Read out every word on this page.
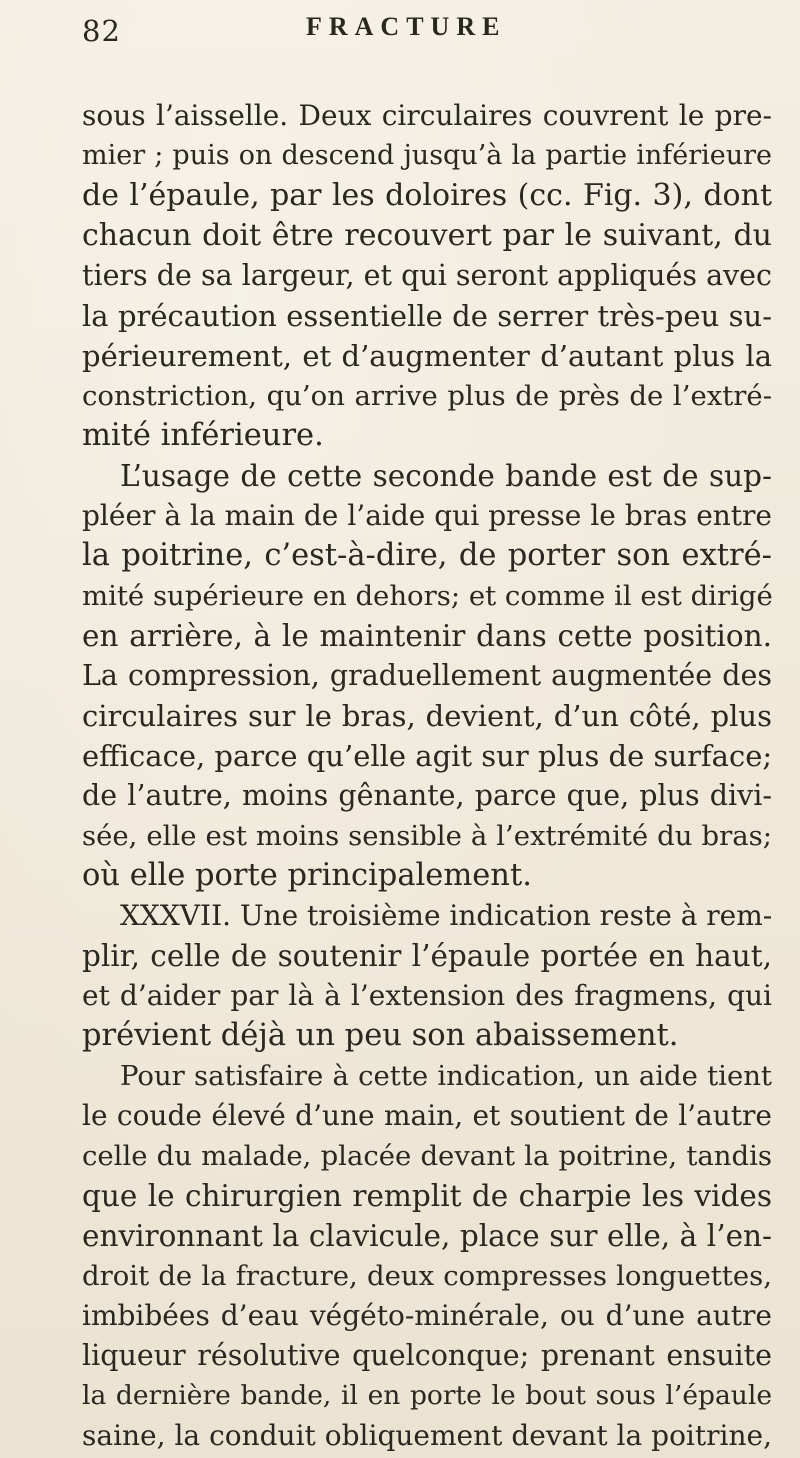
82	FRACTURE
sous l’aisselle. Deux circulaires couvrent le pre-
mier ; puis on descend jusqu’à la partie inférieure
de l’épaule, par les doloires (cc. Fig. 3), dont
chacun doit être recouvert par le suivant, du
tiers de sa largeur, et qui seront appliqués avec
la précaution essentielle de serrer très-peu su-
périeurement, et d’augmenter d’autant plus la
constriction, qu’on arrive plus de près de l’extré-
mité inférieure.
L’usage de cette seconde bande est de sup-
pléer à la main de l’aide qui presse le bras entre
la poitrine, c’est-à-dire, de porter son extré-
mité supérieure en dehors; et comme il est dirigé
en arrière, à le maintenir dans cette position.
La compression, graduellement augmentée des
circulaires sur le bras, devient, d’un côté, plus
efficace, parce qu’elle agit sur plus de surface;
de l’autre, moins gênante, parce que, plus divi-
sée, elle est moins sensible à l’extrémité du bras;
où elle porte principalement.
XXXVII. Une troisième indication reste à rem-
plir, celle de soutenir l’épaule portée en haut,
et d’aider par là à l’extension des fragmens, qui
prévient déjà un peu son abaissement.
Pour satisfaire à cette indication, un aide tient
le coude élevé d’une main, et soutient de l’autre
celle du malade, placée devant la poitrine, tandis
que le chirurgien remplit de charpie les vides
environnant la clavicule, place sur elle, à l’en-
droit de la fracture, deux compresses longuettes,
imbibées d’eau végéto-minérale, ou d’une autre
liqueur résolutive quelconque; prenant ensuite
la dernière bande, il en porte le bout sous l’épaule
saine, la conduit obliquement devant la poitrine,
